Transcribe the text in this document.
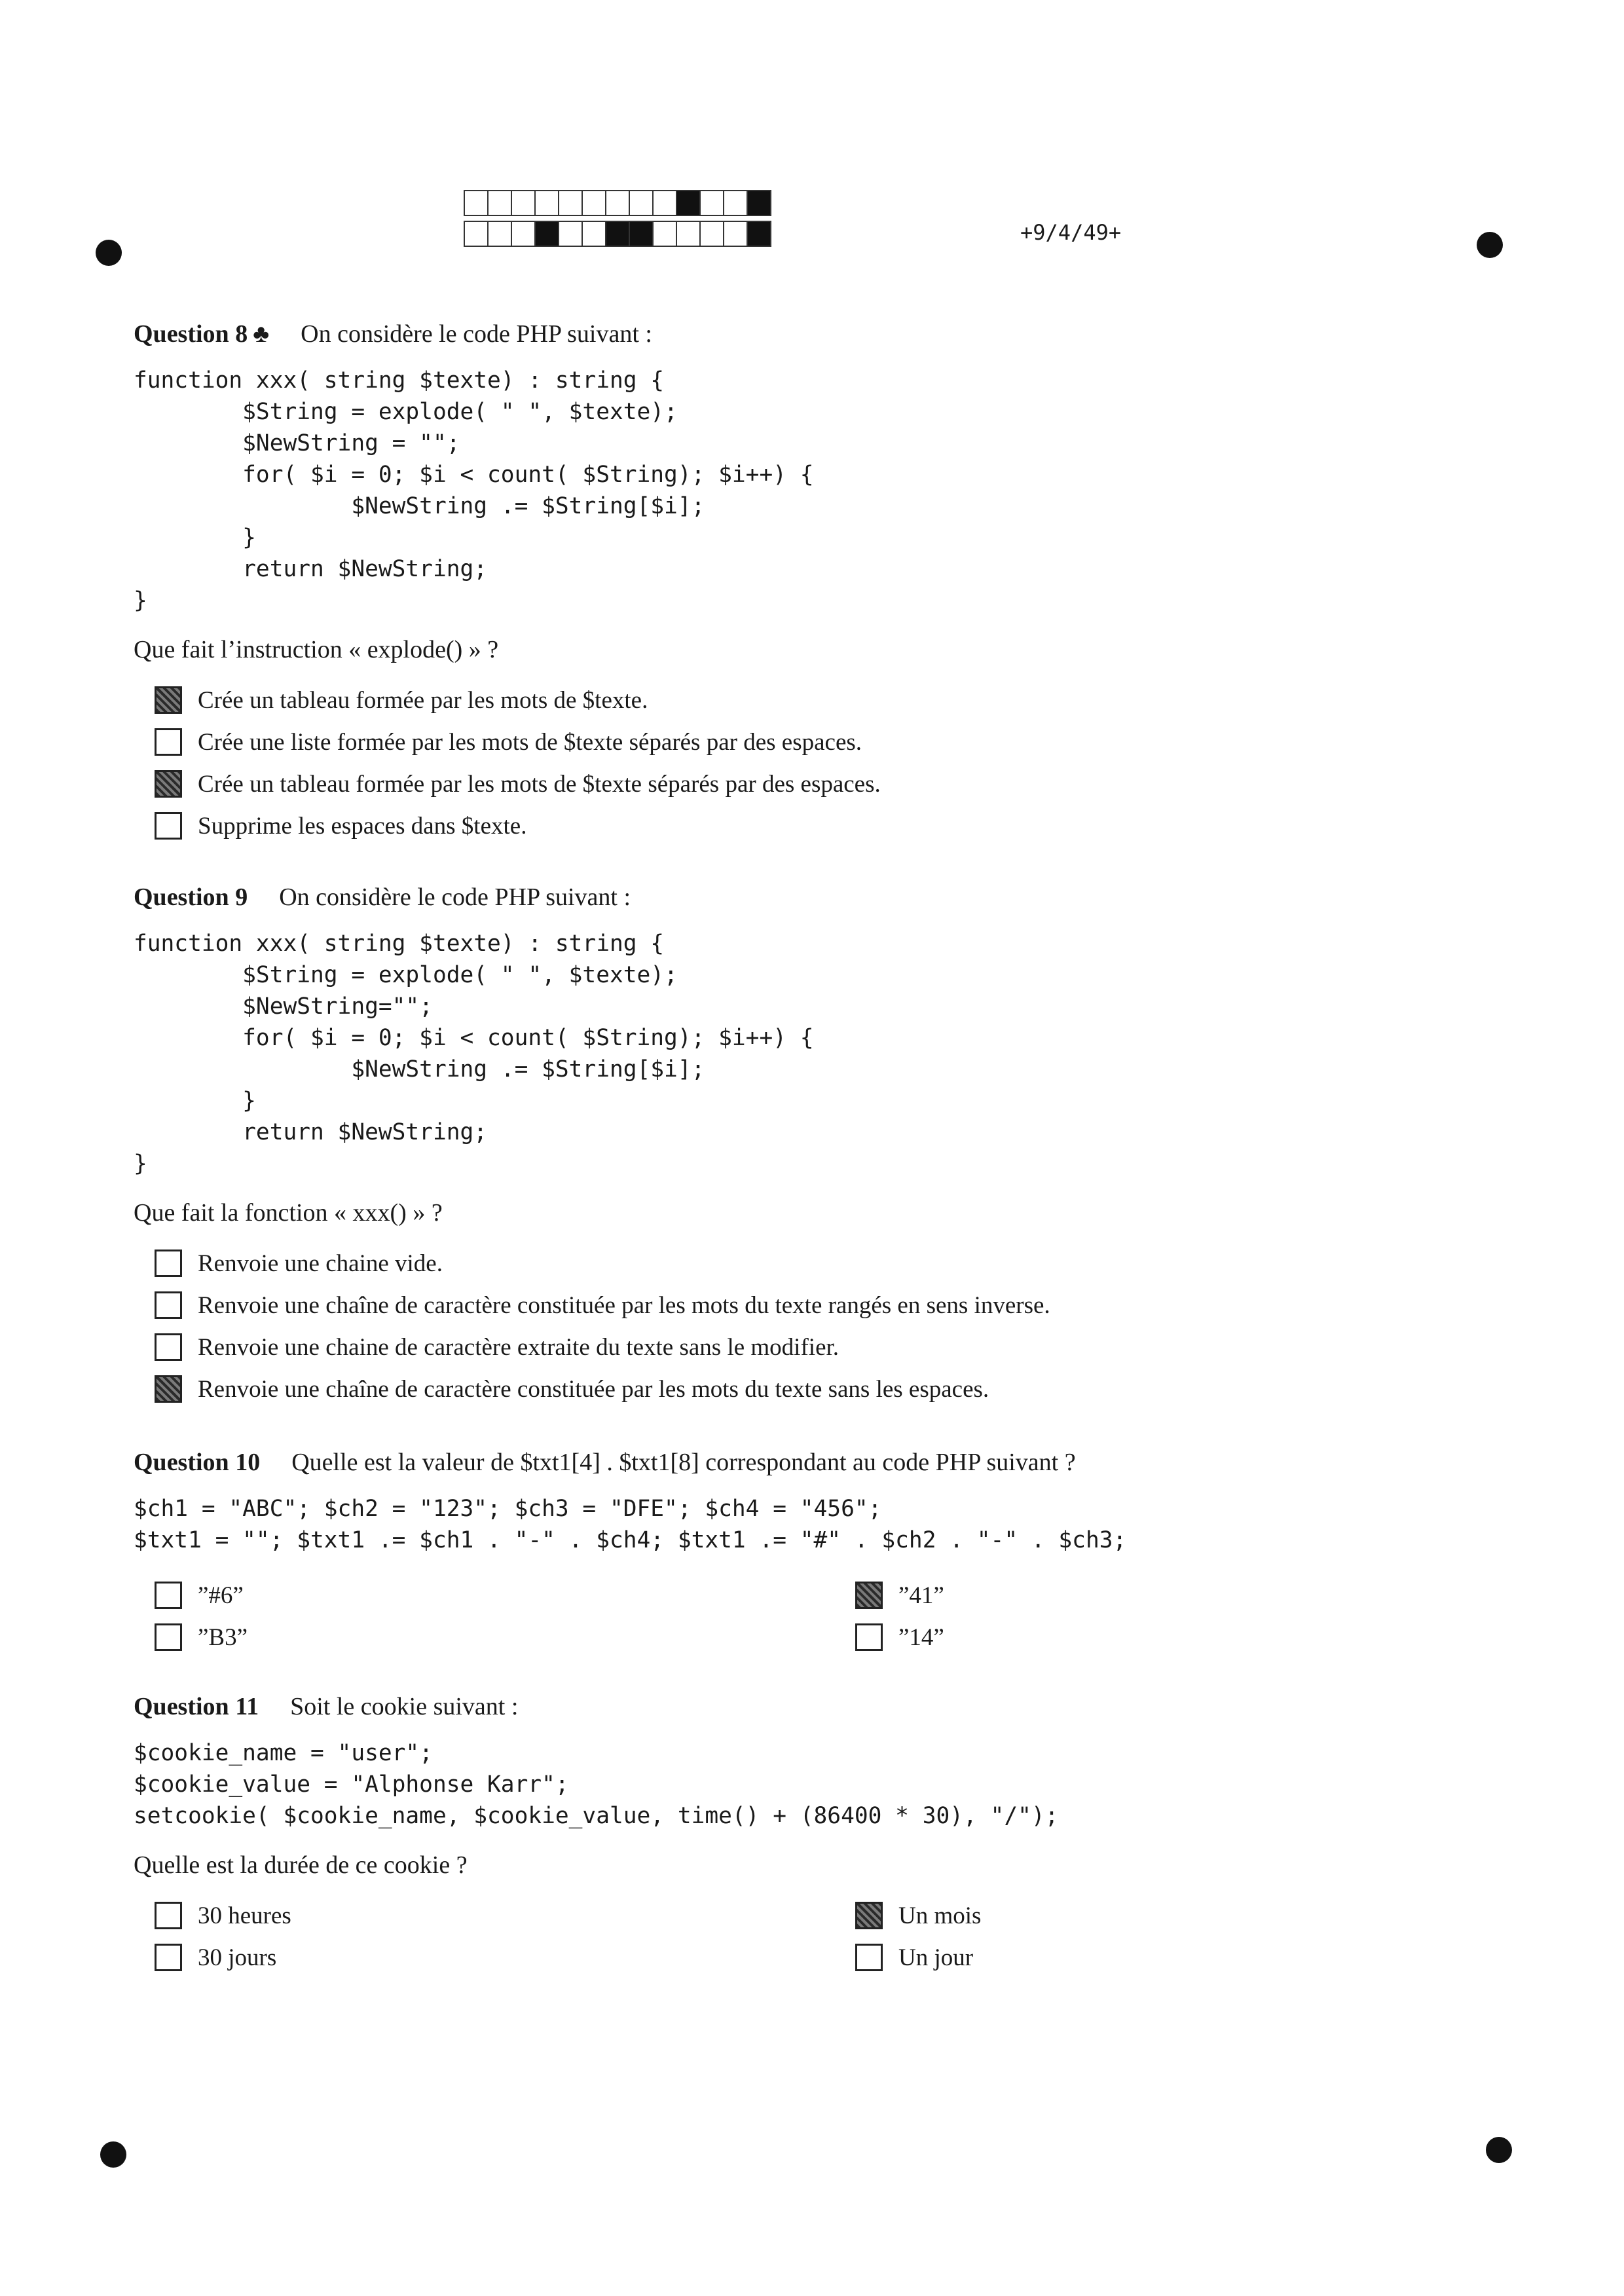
+9/4/49+
Question 8 ♣ On considère le code PHP suivant :
function xxx( string $texte) : string {
$String = explode( " ", $texte);
$NewString = "";
for( $i = 0; $i < count( $String); $i++) {
$NewString .= $String[$i];
}
return $NewString;
}
Que fait l’instruction « explode() » ?
Crée un tableau formée par les mots de $texte.
Crée une liste formée par les mots de $texte séparés par des espaces.
Crée un tableau formée par les mots de $texte séparés par des espaces.
Supprime les espaces dans $texte.
Question 9 On considère le code PHP suivant :
function xxx( string $texte) : string {
$String = explode( " ", $texte);
$NewString="";
for( $i = 0; $i < count( $String); $i++) {
$NewString .= $String[$i];
}
return $NewString;
}
Que fait la fonction « xxx() » ?
Renvoie une chaine vide.
Renvoie une chaîne de caractère constituée par les mots du texte rangés en sens inverse.
Renvoie une chaine de caractère extraite du texte sans le modifier.
Renvoie une chaîne de caractère constituée par les mots du texte sans les espaces.
Question 10 Quelle est la valeur de $txt1[4] . $txt1[8] correspondant au code PHP suivant ?
$ch1 = "ABC"; $ch2 = "123"; $ch3 = "DFE"; $ch4 = "456";
$txt1 = ""; $txt1 .= $ch1 . "-" . $ch4; $txt1 .= "#" . $ch2 . "-" . $ch3;
”#6”	”41”
”B3”	”14”
Question 11 Soit le cookie suivant :
$cookie_name = "user";
$cookie_value = "Alphonse Karr";
setcookie( $cookie_name, $cookie_value, time() + (86400 * 30), "/");
Quelle est la durée de ce cookie ?
30 heures	Un mois
30 jours	Un jour
